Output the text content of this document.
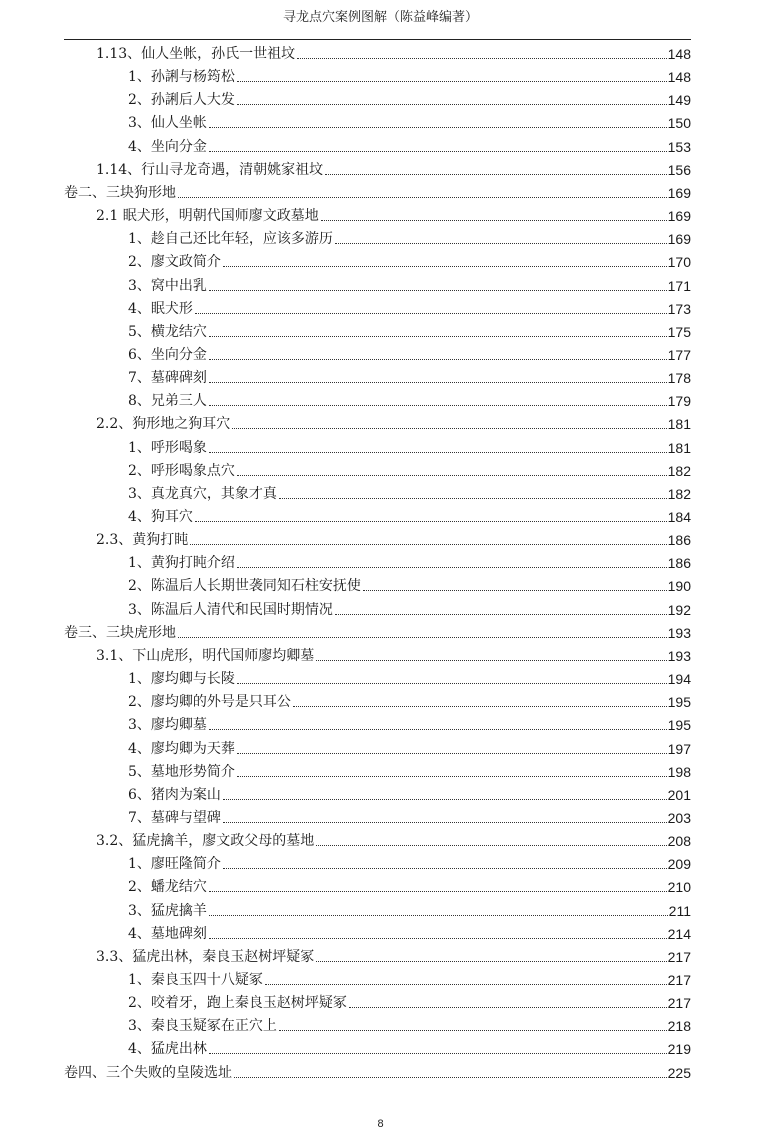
寻龙点穴案例图解（陈益峰编著）
1.13、仙人坐帐，孙氏一世祖坟	148
1、孙誗与杨筠松	148
2、孙誗后人大发	149
3、仙人坐帐	150
4、坐向分金	153
1.14、行山寻龙奇遇，清朝姚家祖坟	156
卷二、三块狗形地	169
2.1 眠犬形，明朝代国师廖文政墓地	169
1、趁自己还比年轻，应该多游历	169
2、廖文政简介	170
3、窝中出乳	171
4、眠犬形	173
5、横龙结穴	175
6、坐向分金	177
7、墓碑碑刻	178
8、兄弟三人	179
2.2、狗形地之狗耳穴	181
1、呼形喝象	181
2、呼形喝象点穴	182
3、真龙真穴，其象才真	182
4、狗耳穴	184
2.3、黄狗打盹	186
1、黄狗打盹介绍	186
2、陈温后人长期世袭同知石柱安抚使	190
3、陈温后人清代和民国时期情况	192
卷三、三块虎形地	193
3.1、下山虎形，明代国师廖均卿墓	193
1、廖均卿与长陵	194
2、廖均卿的外号是只耳公	195
3、廖均卿墓	195
4、廖均卿为天葬	197
5、墓地形势简介	198
6、猪肉为案山	201
7、墓碑与望碑	203
3.2、猛虎擒羊，廖文政父母的墓地	208
1、廖旺隆简介	209
2、蟠龙结穴	210
3、猛虎擒羊	211
4、墓地碑刻	214
3.3、猛虎出林，秦良玉赵树坪疑冢	217
1、秦良玉四十八疑冢	217
2、咬着牙，跑上秦良玉赵树坪疑冢	217
3、秦良玉疑冢在正穴上	218
4、猛虎出林	219
卷四、三个失败的皇陵选址	225
8
